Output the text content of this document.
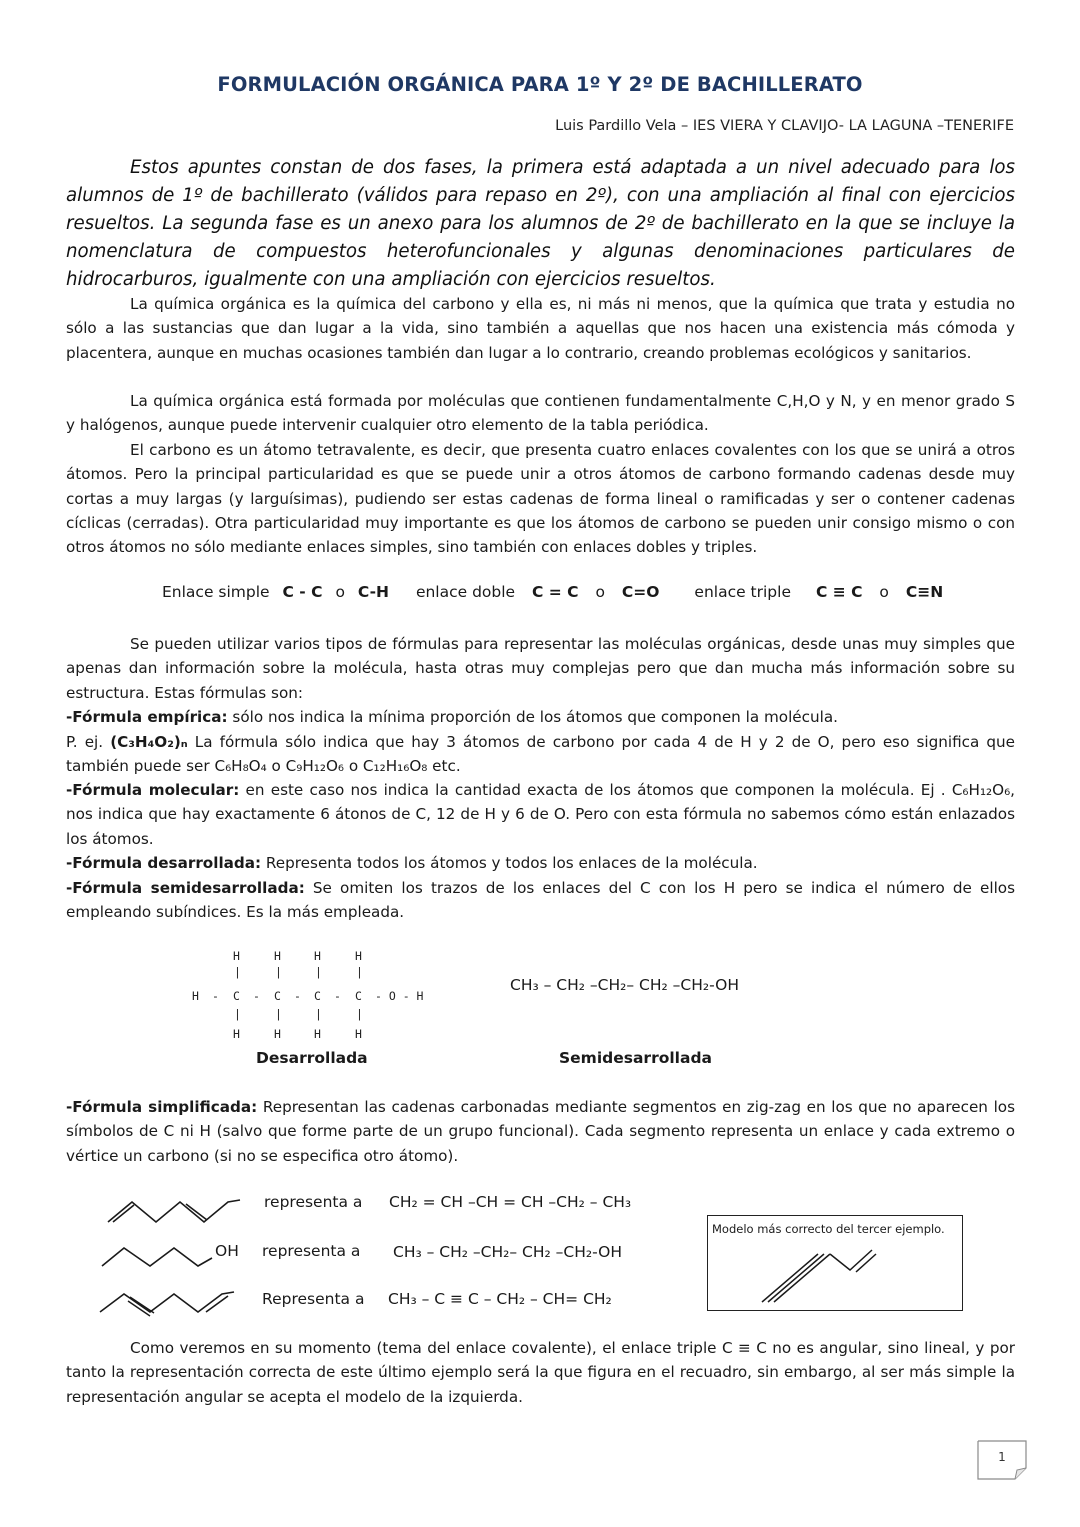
FORMULACIÓN ORGÁNICA PARA 1º Y 2º DE BACHILLERATO
Luis Pardillo Vela – IES VIERA Y CLAVIJO- LA LAGUNA –TENERIFE

Estos apuntes constan de dos fases, la primera está adaptada a un nivel adecuado para los alumnos de 1º de bachillerato (válidos para repaso en 2º), con una ampliación al final con ejercicios resueltos. La segunda fase es un anexo para los alumnos de 2º de bachillerato en la que se incluye la nomenclatura de compuestos heterofuncionales y algunas denominaciones particulares de hidrocarburos, igualmente con una ampliación con ejercicios resueltos.

La química orgánica es la química del carbono y ella es, ni más ni menos, que la química que trata y estudia no sólo a las sustancias que dan lugar a la vida, sino también a aquellas que nos hacen una existencia más cómoda y placentera, aunque en muchas ocasiones también dan lugar a lo contrario, creando problemas ecológicos y sanitarios.

La química orgánica está formada por moléculas que contienen fundamentalmente C,H,O y N, y en menor grado S y halógenos, aunque puede intervenir cualquier otro elemento de la tabla periódica.

El carbono es un átomo tetravalente, es decir, que presenta cuatro enlaces covalentes con los que se unirá a otros átomos. Pero la principal particularidad es que se puede unir a otros átomos de carbono formando cadenas desde muy cortas a muy largas (y larguísimas), pudiendo ser estas cadenas de forma lineal o ramificadas y ser o contener cadenas cíclicas (cerradas). Otra particularidad muy importante es que los átomos de carbono se pueden unir consigo mismo o con otros átomos no sólo mediante enlaces simples, sino también con enlaces dobles y triples.

Enlace simple C - C o C-H enlace doble C = C o C=O enlace triple C ≡ C o C≡N

Se pueden utilizar varios tipos de fórmulas para representar las moléculas orgánicas, desde unas muy simples que apenas dan información sobre la molécula, hasta otras muy complejas pero que dan mucha más información sobre su estructura. Estas fórmulas son:

-Fórmula empírica: sólo nos indica la mínima proporción de los átomos que componen la molécula.

P. ej. (C₃H₄O₂)ₙ La fórmula sólo indica que hay 3 átomos de carbono por cada 4 de H y 2 de O, pero eso significa que también puede ser C₆H₈O₄ o C₉H₁₂O₆ o C₁₂H₁₆O₈ etc.

-Fórmula molecular: en este caso nos indica la cantidad exacta de los átomos que componen la molécula. Ej . C₆H₁₂O₆, nos indica que hay exactamente 6 átonos de C, 12 de H y 6 de O. Pero con esta fórmula no sabemos cómo están enlazados los átomos.

-Fórmula desarrollada: Representa todos los átomos y todos los enlaces de la molécula.

-Fórmula semidesarrollada: Se omiten los trazos de los enlaces del C con los H pero se indica el número de ellos empleando subíndices. Es la más empleada.

H	H	H	H
|	|	|	|
H - C - C - C - C - O - H
|	|	|	|
H	H	H	H
Desarrollada
CH₃ – CH₂ –CH₂– CH₂ –CH₂-OH
Semidesarrollada

-Fórmula simplificada: Representan las cadenas carbonadas mediante segmentos en zig-zag en los que no aparecen los símbolos de C ni H (salvo que forme parte de un grupo funcional). Cada segmento representa un enlace y cada extremo o vértice un carbono (si no se especifica otro átomo).

representa a CH₂ = CH –CH = CH –CH₂ – CH₃
OH representa a CH₃ – CH₂ –CH₂– CH₂ –CH₂-OH
Representa a CH₃ – C ≡ C – CH₂ – CH= CH₂
Modelo más correcto del tercer ejemplo.

Como veremos en su momento (tema del enlace covalente), el enlace triple C ≡ C no es angular, sino lineal, y por tanto la representación correcta de este último ejemplo será la que figura en el recuadro, sin embargo, al ser más simple la representación angular se acepta el modelo de la izquierda.

1
